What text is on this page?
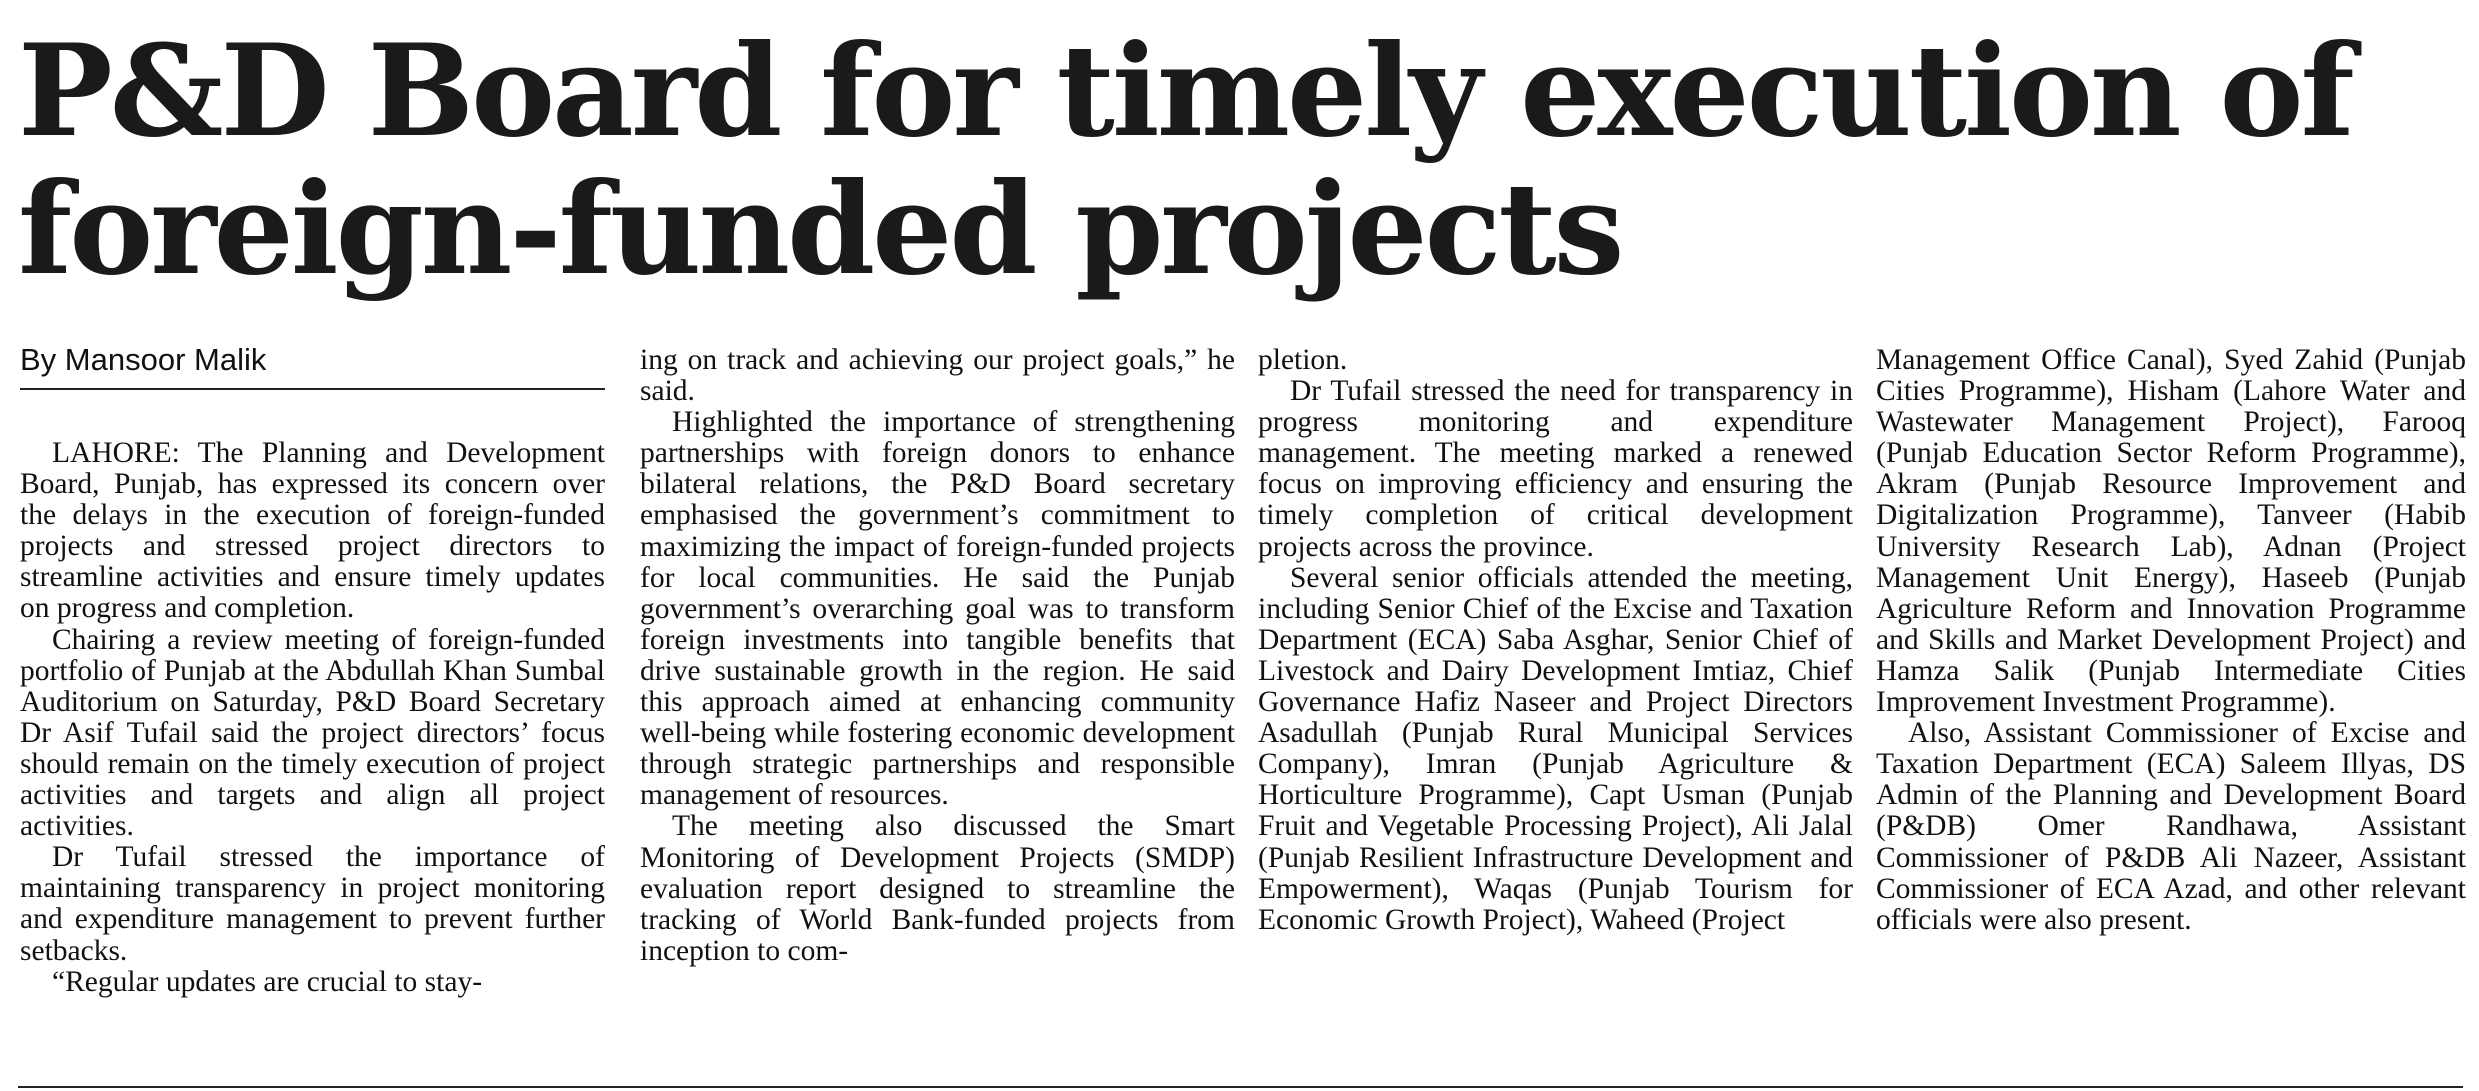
P&D Board for timely execution of foreign-funded projects
By Mansoor Malik

LAHORE: The Planning and Development Board, Punjab, has expressed its concern over the delays in the execution of foreign-funded projects and stressed project directors to streamline activities and ensure timely updates on progress and completion.

Chairing a review meeting of foreign-funded portfolio of Punjab at the Abdullah Khan Sumbal Auditorium on Saturday, P&D Board Secretary Dr Asif Tufail said the project directors’ focus should remain on the timely execution of project activities and targets and align all project activities.

Dr Tufail stressed the importance of maintaining transparency in project monitoring and expenditure management to prevent further setbacks.

“Regular updates are crucial to stay-

ing on track and achieving our project goals,” he said.

Highlighted the importance of strengthening partnerships with foreign donors to enhance bilateral relations, the P&D Board secretary emphasised the government’s commitment to maximizing the impact of foreign-funded projects for local communities. He said the Punjab government’s overarching goal was to transform foreign investments into tangible benefits that drive sustainable growth in the region. He said this approach aimed at enhancing community well-being while fostering economic development through strategic partnerships and responsible management of resources.

The meeting also discussed the Smart Monitoring of Development Projects (SMDP) evaluation report designed to streamline the tracking of World Bank-funded projects from inception to com-

pletion.

Dr Tufail stressed the need for transparency in progress monitoring and expenditure management. The meeting marked a renewed focus on improving efficiency and ensuring the timely completion of critical development projects across the province.

Several senior officials attended the meeting, including Senior Chief of the Excise and Taxation Department (ECA) Saba Asghar, Senior Chief of Livestock and Dairy Development Imtiaz, Chief Governance Hafiz Naseer and Project Directors Asadullah (Punjab Rural Municipal Services Company), Imran (Punjab Agriculture & Horticulture Programme), Capt Usman (Punjab Fruit and Vegetable Processing Project), Ali Jalal (Punjab Resilient Infrastructure Development and Empowerment), Waqas (Punjab Tourism for Economic Growth Project), Waheed (Project

Management Office Canal), Syed Zahid (Punjab Cities Programme), Hisham (Lahore Water and Wastewater Management Project), Farooq (Punjab Education Sector Reform Programme), Akram (Punjab Resource Improvement and Digitalization Programme), Tanveer (Habib University Research Lab), Adnan (Project Management Unit Energy), Haseeb (Punjab Agriculture Reform and Innovation Programme and Skills and Market Development Project) and Hamza Salik (Punjab Intermediate Cities Improvement Investment Programme).

Also, Assistant Commissioner of Excise and Taxation Department (ECA) Saleem Illyas, DS Admin of the Planning and Development Board (P&DB) Omer Randhawa, Assistant Commissioner of P&DB Ali Nazeer, Assistant Commissioner of ECA Azad, and other relevant officials were also present.
